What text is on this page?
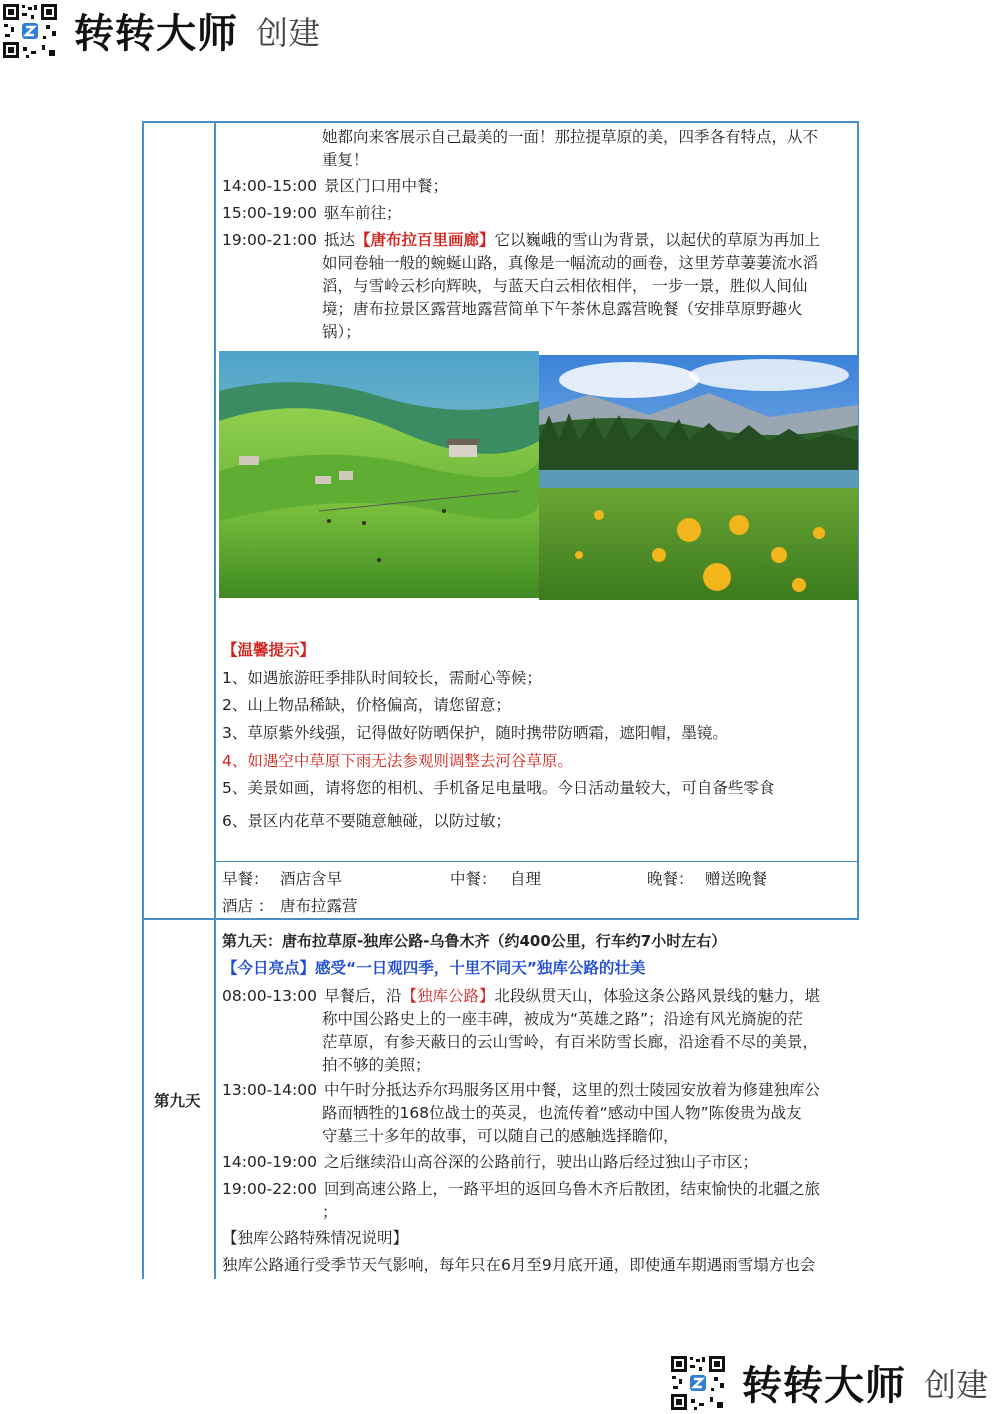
转转大师 创建
她都向来客展示自己最美的一面！那拉提草原的美，四季各有特点，从不
重复！
14:00-15:00 景区门口用中餐；
15:00-19:00 驱车前往；
19:00-21:00 抵达【唐布拉百里画廊】它以巍峨的雪山为背景，以起伏的草原为再加上
如同卷轴一般的蜿蜒山路，真像是一幅流动的画卷，这里芳草萋萋流水滔
滔，与雪岭云杉向辉映，与蓝天白云相依相伴， 一步一景，胜似人间仙
境；唐布拉景区露营地露营简单下午茶休息露营晚餐（安排草原野趣火
锅）；
【温馨提示】
1、如遇旅游旺季排队时间较长，需耐心等候；
2、山上物品稀缺，价格偏高，请您留意；
3、草原紫外线强，记得做好防晒保护，随时携带防晒霜，遮阳帽，墨镜。
4、如遇空中草原下雨无法参观则调整去河谷草原。
5、美景如画，请将您的相机、手机备足电量哦。今日活动量较大，可自备些零食
6、景区内花草不要随意触碰，以防过敏；
早餐： 酒店含早	中餐： 自理	晚餐： 赠送晚餐
酒店 ： 唐布拉露营
第九天
第九天：唐布拉草原-独库公路-乌鲁木齐（约400公里，行车约7小时左右）
【今日亮点】感受“一日观四季，十里不同天”独库公路的壮美
08:00-13:00 早餐后，沿【独库公路】北段纵贯天山，体验这条公路风景线的魅力，堪
称中国公路史上的一座丰碑，被成为“英雄之路”；沿途有风光旖旎的茫
茫草原，有参天蔽日的云山雪岭，有百米防雪长廊，沿途看不尽的美景，
拍不够的美照；
13:00-14:00 中午时分抵达乔尔玛服务区用中餐，这里的烈士陵园安放着为修建独库公
路而牺牲的168位战士的英灵，也流传着“感动中国人物”陈俊贵为战友
守墓三十多年的故事，可以随自己的感触选择瞻仰，
14:00-19:00 之后继续沿山高谷深的公路前行，驶出山路后经过独山子市区；
19:00-22:00 回到高速公路上，一路平坦的返回乌鲁木齐后散团，结束愉快的北疆之旅
；
【独库公路特殊情况说明】
独库公路通行受季节天气影响，每年只在6月至9月底开通，即使通车期遇雨雪塌方也会
转转大师 创建
